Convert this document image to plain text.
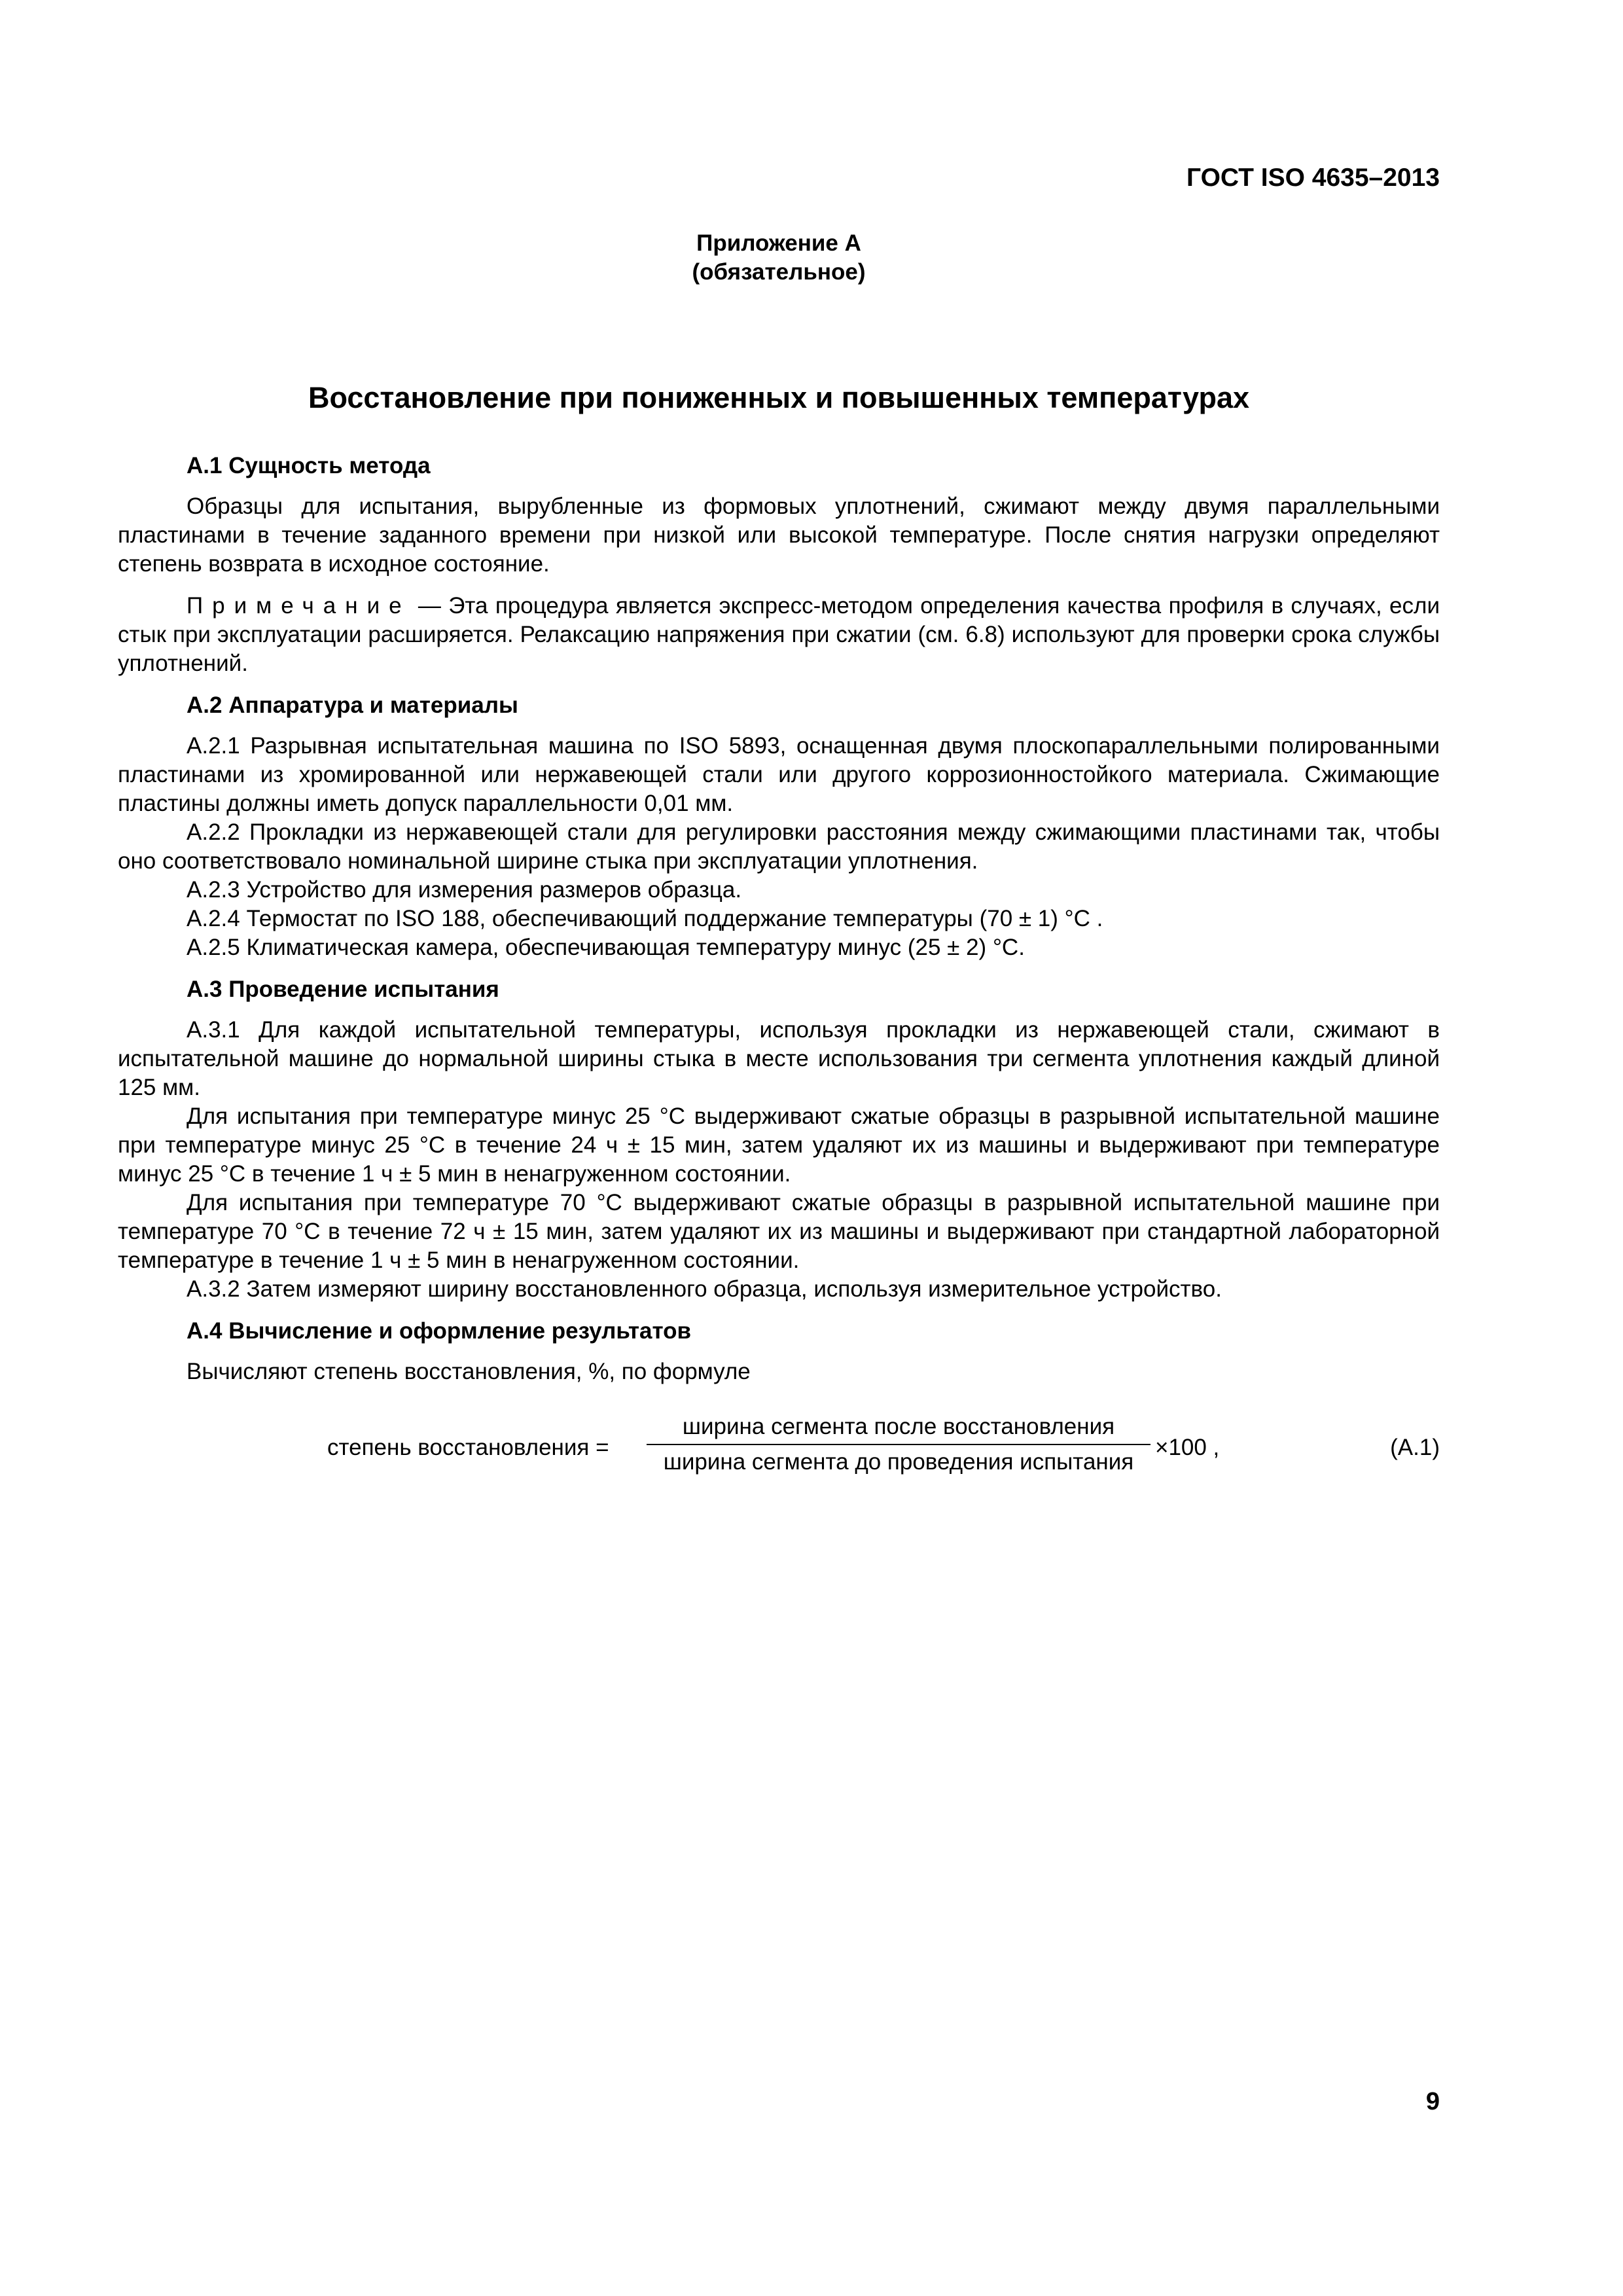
ГОСТ ISO 4635–2013
Приложение А
(обязательное)
Восстановление при пониженных и повышенных температурах
А.1 Сущность метода

Образцы для испытания, вырубленные из формовых уплотнений, сжимают между двумя параллельными пластинами в течение заданного времени при низкой или высокой температуре. После снятия нагрузки определяют степень возврата в исходное состояние.

Примечание — Эта процедура является экспресс-методом определения качества профиля в случаях, если стык при эксплуатации расширяется. Релаксацию напряжения при сжатии (см. 6.8) используют для проверки срока службы уплотнений.

А.2 Аппаратура и материалы

А.2.1 Разрывная испытательная машина по ISO 5893, оснащенная двумя плоскопараллельными полированными пластинами из хромированной или нержавеющей стали или другого коррозионностойкого материала. Сжимающие пластины должны иметь допуск параллельности 0,01 мм.

А.2.2 Прокладки из нержавеющей стали для регулировки расстояния между сжимающими пластинами так, чтобы оно соответствовало номинальной ширине стыка при эксплуатации уплотнения.

А.2.3 Устройство для измерения размеров образца.

А.2.4 Термостат по ISO 188, обеспечивающий поддержание температуры (70 ± 1) °С .

А.2.5 Климатическая камера, обеспечивающая температуру минус (25 ± 2) °С.

А.3 Проведение испытания

А.3.1 Для каждой испытательной температуры, используя прокладки из нержавеющей стали, сжимают в испытательной машине до нормальной ширины стыка в месте использования три сегмента уплотнения каждый длиной 125 мм.

Для испытания при температуре минус 25 °С выдерживают сжатые образцы в разрывной испытательной машине при температуре минус 25 °С в течение 24 ч ± 15 мин, затем удаляют их из машины и выдерживают при температуре минус 25 °С в течение 1 ч ± 5 мин в ненагруженном состоянии.

Для испытания при температуре 70 °С выдерживают сжатые образцы в разрывной испытательной машине при температуре 70 °С в течение 72 ч ± 15 мин, затем удаляют их из машины и выдерживают при стандартной лабораторной температуре в течение 1 ч ± 5 мин в ненагруженном состоянии.

А.3.2 Затем измеряют ширину восстановленного образца, используя измерительное устройство.

А.4 Вычисление и оформление результатов

Вычисляют степень восстановления, %, по формуле

степень восстановления =
ширина сегмента после восстановления
ширина сегмента до проведения испытания
×100 ,	(А.1)
9
